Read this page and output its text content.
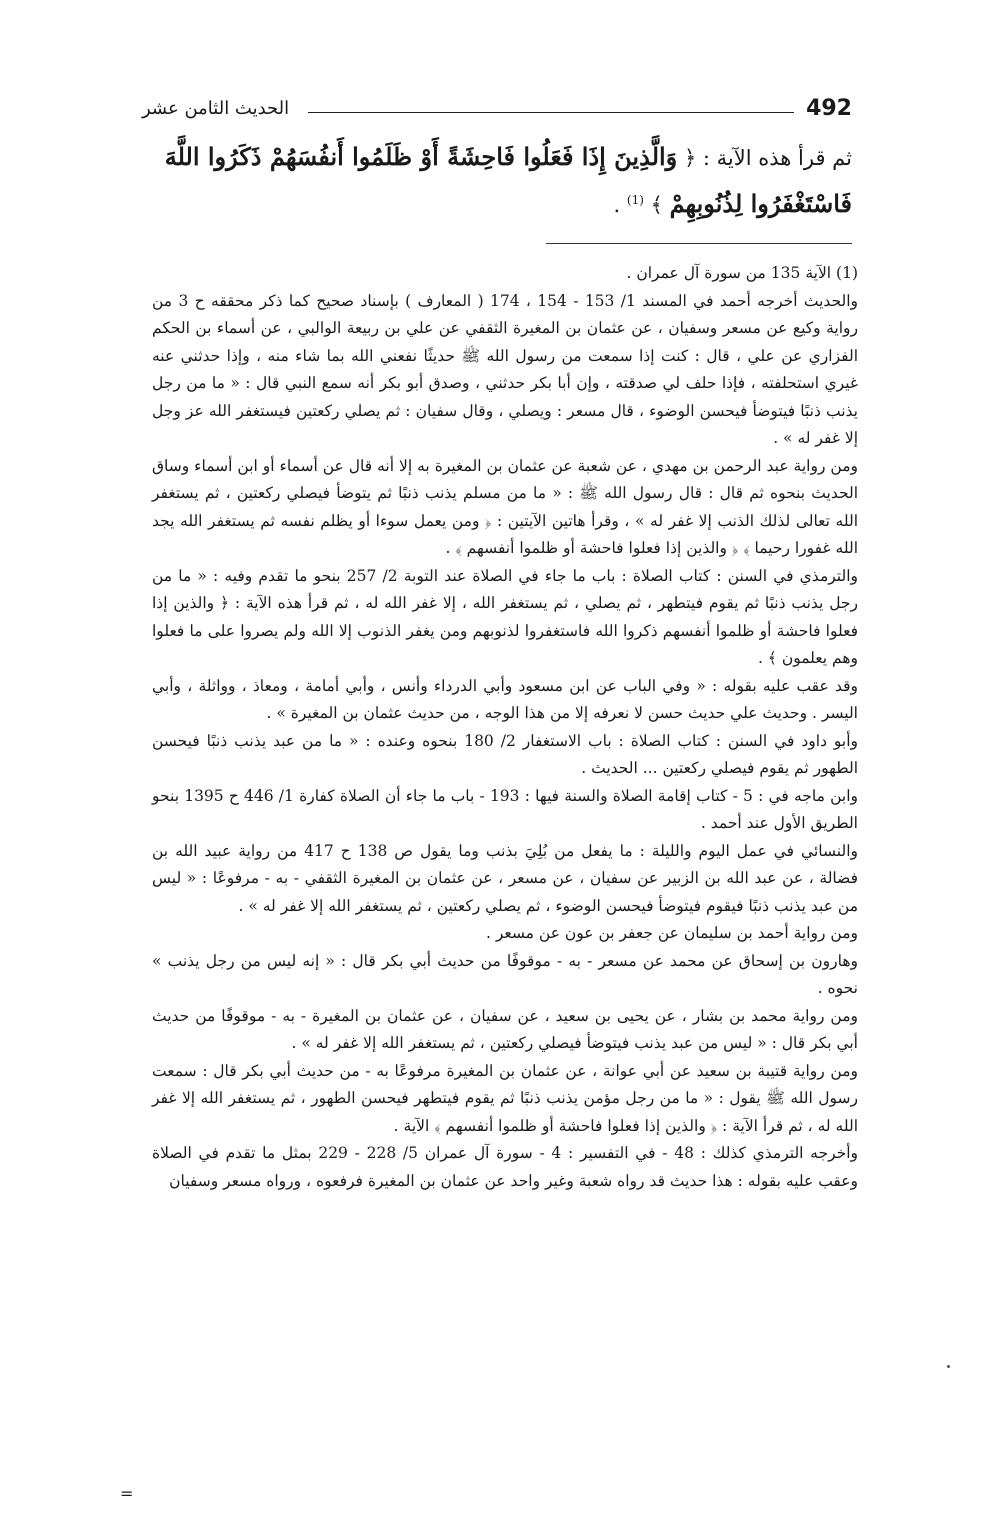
492
الحديث الثامن عشر
ثم قرأ هذه الآية : ﴿ وَالَّذِينَ إِذَا فَعَلُوا فَاحِشَةً أَوْ ظَلَمُوا أَنفُسَهُمْ ذَكَرُوا اللَّهَ فَاسْتَغْفَرُوا لِذُنُوبِهِمْ ﴾ $^{(1)}$ .

(1) الآية 135 من سورة آل عمران .

والحديث أخرجه أحمد في المسند 1/ 153 - 154 ، 174 ( المعارف ) بإسناد صحيح كما ذكر محققه ح 3 من رواية وكيع عن مسعر وسفيان ، عن عثمان بن المغيرة الثقفي عن علي بن ربيعة الوالبي ، عن أسماء بن الحكم الفزاري عن علي ، قال : كنت إذا سمعت من رسول الله ﷺ حديثًا نفعني الله بما شاء منه ، وإذا حدثني عنه غيري استحلفته ، فإذا حلف لي صدقته ، وإن أبا بكر حدثني ، وصدق أبو بكر أنه سمع النبي قال : « ما من رجل يذنب ذنبًا فيتوضأ فيحسن الوضوء ، قال مسعر : ويصلي ، وقال سفيان : ثم يصلي ركعتين فيستغفر الله عز وجل إلا غفر له » .

ومن رواية عبد الرحمن بن مهدي ، عن شعبة عن عثمان بن المغيرة به إلا أنه قال عن أسماء أو ابن أسماء وساق الحديث بنحوه ثم قال : قال رسول الله ﷺ : « ما من مسلم يذنب ذنبًا ثم يتوضأ فيصلي ركعتين ، ثم يستغفر الله تعالى لذلك الذنب إلا غفر له » ، وقرأ هاتين الآيتين : ﴿ ومن يعمل سوءا أو يظلم نفسه ثم يستغفر الله يجد الله غفورا رحيما ﴾ ﴿ والذين إذا فعلوا فاحشة أو ظلموا أنفسهم ﴾ .

والترمذي في السنن : كتاب الصلاة : باب ما جاء في الصلاة عند التوبة 2/ 257 بنحو ما تقدم وفيه : « ما من رجل يذنب ذنبًا ثم يقوم فيتطهر ، ثم يصلي ، ثم يستغفر الله ، إلا غفر الله له ، ثم قرأ هذه الآية : ﴿ والذين إذا فعلوا فاحشة أو ظلموا أنفسهم ذكروا الله فاستغفروا لذنوبهم ومن يغفر الذنوب إلا الله ولم يصروا على ما فعلوا وهم يعلمون ﴾ .

وقد عقب عليه بقوله : « وفي الباب عن ابن مسعود وأبي الدرداء وأنس ، وأبي أمامة ، ومعاذ ، وواثلة ، وأبي اليسر . وحديث علي حديث حسن لا نعرفه إلا من هذا الوجه ، من حديث عثمان بن المغيرة » .

وأبو داود في السنن : كتاب الصلاة : باب الاستغفار 2/ 180 بنحوه وعنده : « ما من عبد يذنب ذنبًا فيحسن الطهور ثم يقوم فيصلي ركعتين ... الحديث .

وابن ماجه في : 5 - كتاب إقامة الصلاة والسنة فيها : 193 - باب ما جاء أن الصلاة كفارة 1/ 446 ح 1395 بنحو الطريق الأول عند أحمد .

والنسائي في عمل اليوم والليلة : ما يفعل من بُلِيَ بذنب وما يقول ص 138 ح 417 من رواية عبيد الله بن فضالة ، عن عبد الله بن الزبير عن سفيان ، عن مسعر ، عن عثمان بن المغيرة الثقفي - به - مرفوعًا : « ليس من عبد يذنب ذنبًا فيقوم فيتوضأ فيحسن الوضوء ، ثم يصلي ركعتين ، ثم يستغفر الله إلا غفر له » .

ومن رواية أحمد بن سليمان عن جعفر بن عون عن مسعر .

وهارون بن إسحاق عن محمد عن مسعر - به - موقوفًا من حديث أبي بكر قال : « إنه ليس من رجل يذنب » نحوه .

ومن رواية محمد بن بشار ، عن يحيى بن سعيد ، عن سفيان ، عن عثمان بن المغيرة - به - موقوفًا من حديث أبي بكر قال : « ليس من عبد يذنب فيتوضأ فيصلي ركعتين ، ثم يستغفر الله إلا غفر له » .

ومن رواية قتيبة بن سعيد عن أبي عوانة ، عن عثمان بن المغيرة مرفوعًا به - من حديث أبي بكر قال : سمعت رسول الله ﷺ يقول : « ما من رجل مؤمن يذنب ذنبًا ثم يقوم فيتطهر فيحسن الطهور ، ثم يستغفر الله إلا غفر الله له ، ثم قرأ الآية : ﴿ والذين إذا فعلوا فاحشة أو ظلموا أنفسهم ﴾ الآية .

وأخرجه الترمذي كذلك : 48 - في التفسير : 4 - سورة آل عمران 5/ 228 - 229 بمثل ما تقدم في الصلاة وعقب عليه بقوله : هذا حديث قد رواه شعبة وغير واحد عن عثمان بن المغيرة فرفعوه ، ورواه مسعر وسفيان

=
